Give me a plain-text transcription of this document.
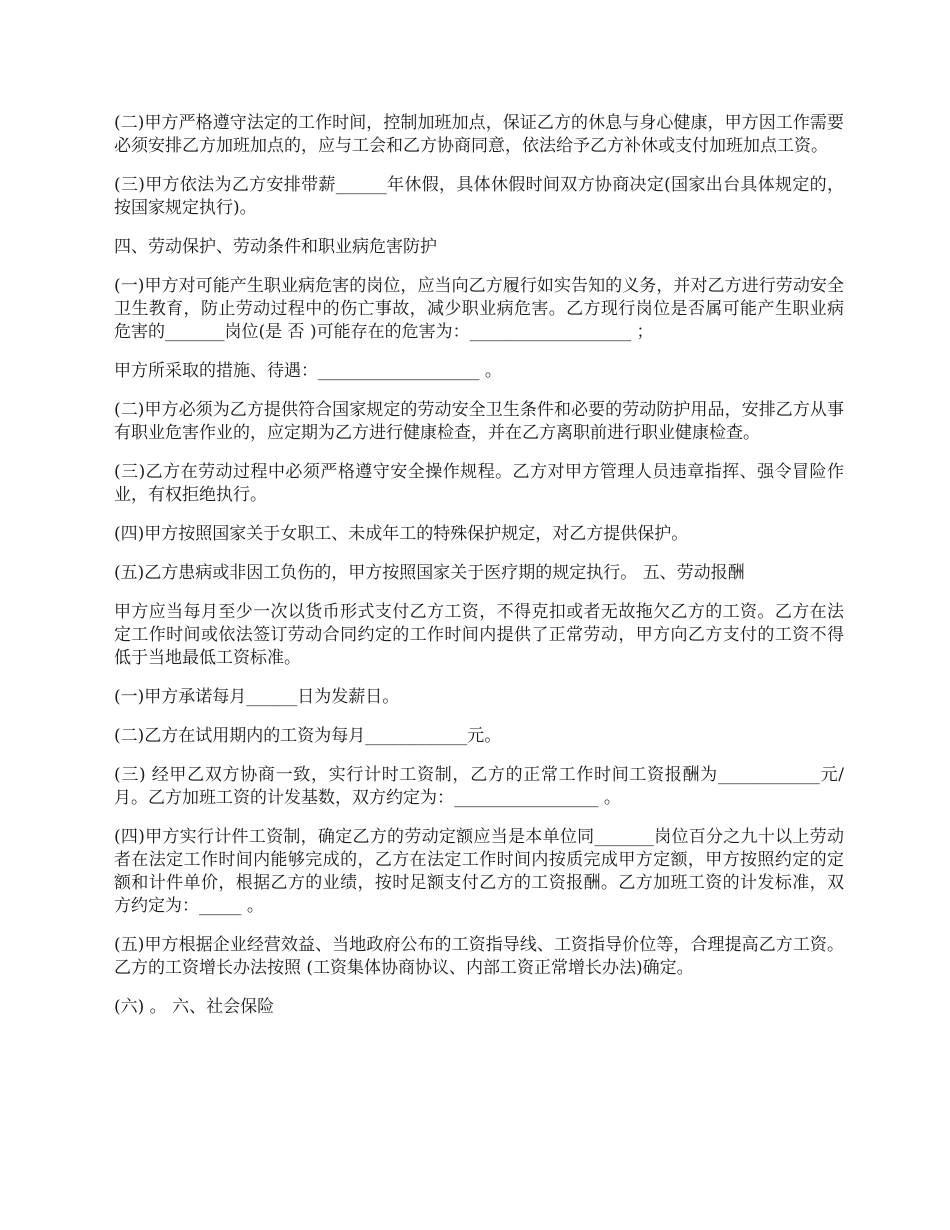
(二)甲方严格遵守法定的工作时间，控制加班加点，保证乙方的休息与身心健康，甲方因工作需要必须安排乙方加班加点的，应与工会和乙方协商同意，依法给予乙方补休或支付加班加点工资。

(三)甲方依法为乙方安排带薪______年休假，具体休假时间双方协商决定(国家出台具体规定的，按国家规定执行)。

四、劳动保护、劳动条件和职业病危害防护

(一)甲方对可能产生职业病危害的岗位，应当向乙方履行如实告知的义务，并对乙方进行劳动安全卫生教育，防止劳动过程中的伤亡事故，减少职业病危害。乙方现行岗位是否属可能产生职业病危害的_______岗位(是 否 )可能存在的危害为：___________________ ；

甲方所采取的措施、待遇：___________________ 。

(二)甲方必须为乙方提供符合国家规定的劳动安全卫生条件和必要的劳动防护用品，安排乙方从事有职业危害作业的，应定期为乙方进行健康检查，并在乙方离职前进行职业健康检查。

(三)乙方在劳动过程中必须严格遵守安全操作规程。乙方对甲方管理人员违章指挥、强令冒险作业，有权拒绝执行。

(四)甲方按照国家关于女职工、未成年工的特殊保护规定，对乙方提供保护。

(五)乙方患病或非因工负伤的，甲方按照国家关于医疗期的规定执行。 五、劳动报酬

甲方应当每月至少一次以货币形式支付乙方工资，不得克扣或者无故拖欠乙方的工资。乙方在法定工作时间或依法签订劳动合同约定的工作时间内提供了正常劳动，甲方向乙方支付的工资不得低于当地最低工资标准。

(一)甲方承诺每月______日为发薪日。

(二)乙方在试用期内的工资为每月____________元。

(三) 经甲乙双方协商一致，实行计时工资制，乙方的正常工作时间工资报酬为____________元/月。乙方加班工资的计发基数，双方约定为：_________________ 。

(四)甲方实行计件工资制，确定乙方的劳动定额应当是本单位同_______岗位百分之九十以上劳动者在法定工作时间内能够完成的，乙方在法定工作时间内按质完成甲方定额，甲方按照约定的定额和计件单价，根据乙方的业绩，按时足额支付乙方的工资报酬。乙方加班工资的计发标准，双方约定为：_____ 。

(五)甲方根据企业经营效益、当地政府公布的工资指导线、工资指导价位等，合理提高乙方工资。乙方的工资增长办法按照 (工资集体协商协议、内部工资正常增长办法)确定。

(六) 。 六、社会保险
